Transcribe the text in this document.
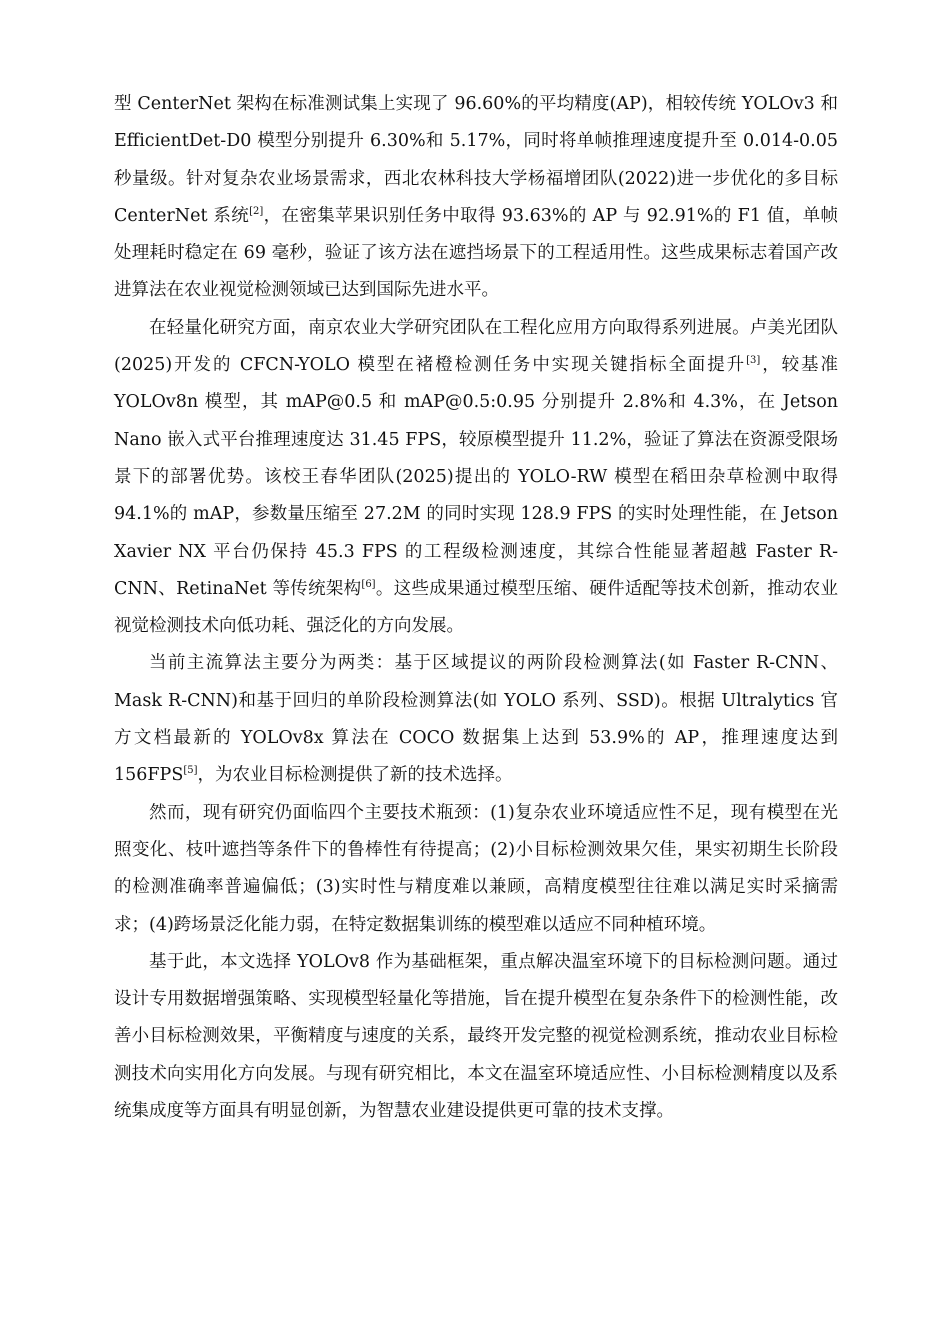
型 CenterNet 架构在标准测试集上实现了 96.60%的平均精度(AP)，相较传统 YOLOv3 和 EfficientDet-D0 模型分别提升 6.30%和 5.17%，同时将单帧推理速度提升至 0.014-0.05 秒量级。针对复杂农业场景需求，西北农林科技大学杨福增团队(2022)进一步优化的多目标 CenterNet 系统[2]，在密集苹果识别任务中取得 93.63%的 AP 与 92.91%的 F1 值，单帧处理耗时稳定在 69 毫秒，验证了该方法在遮挡场景下的工程适用性。这些成果标志着国产改进算法在农业视觉检测领域已达到国际先进水平。

在轻量化研究方面，南京农业大学研究团队在工程化应用方向取得系列进展。卢美光团队(2025)开发的 CFCN-YOLO 模型在褚橙检测任务中实现关键指标全面提升[3]，较基准 YOLOv8n 模型，其 mAP@0.5 和 mAP@0.5:0.95 分别提升 2.8%和 4.3%，在 Jetson Nano 嵌入式平台推理速度达 31.45 FPS，较原模型提升 11.2%，验证了算法在资源受限场景下的部署优势。该校王春华团队(2025)提出的 YOLO-RW 模型在稻田杂草检测中取得 94.1%的 mAP，参数量压缩至 27.2M 的同时实现 128.9 FPS 的实时处理性能，在 Jetson Xavier NX 平台仍保持 45.3 FPS 的工程级检测速度，其综合性能显著超越 Faster R-CNN、RetinaNet 等传统架构[6]。这些成果通过模型压缩、硬件适配等技术创新，推动农业视觉检测技术向低功耗、强泛化的方向发展。

当前主流算法主要分为两类：基于区域提议的两阶段检测算法(如 Faster R-CNN、Mask R-CNN)和基于回归的单阶段检测算法(如 YOLO 系列、SSD)。根据 Ultralytics 官方文档最新的 YOLOv8x 算法在 COCO 数据集上达到 53.9%的 AP，推理速度达到 156FPS[5]，为农业目标检测提供了新的技术选择。

然而，现有研究仍面临四个主要技术瓶颈：(1)复杂农业环境适应性不足，现有模型在光照变化、枝叶遮挡等条件下的鲁棒性有待提高；(2)小目标检测效果欠佳，果实初期生长阶段的检测准确率普遍偏低；(3)实时性与精度难以兼顾，高精度模型往往难以满足实时采摘需求；(4)跨场景泛化能力弱，在特定数据集训练的模型难以适应不同种植环境。

基于此，本文选择 YOLOv8 作为基础框架，重点解决温室环境下的目标检测问题。通过设计专用数据增强策略、实现模型轻量化等措施，旨在提升模型在复杂条件下的检测性能，改善小目标检测效果，平衡精度与速度的关系，最终开发完整的视觉检测系统，推动农业目标检测技术向实用化方向发展。与现有研究相比，本文在温室环境适应性、小目标检测精度以及系统集成度等方面具有明显创新，为智慧农业建设提供更可靠的技术支撑。
